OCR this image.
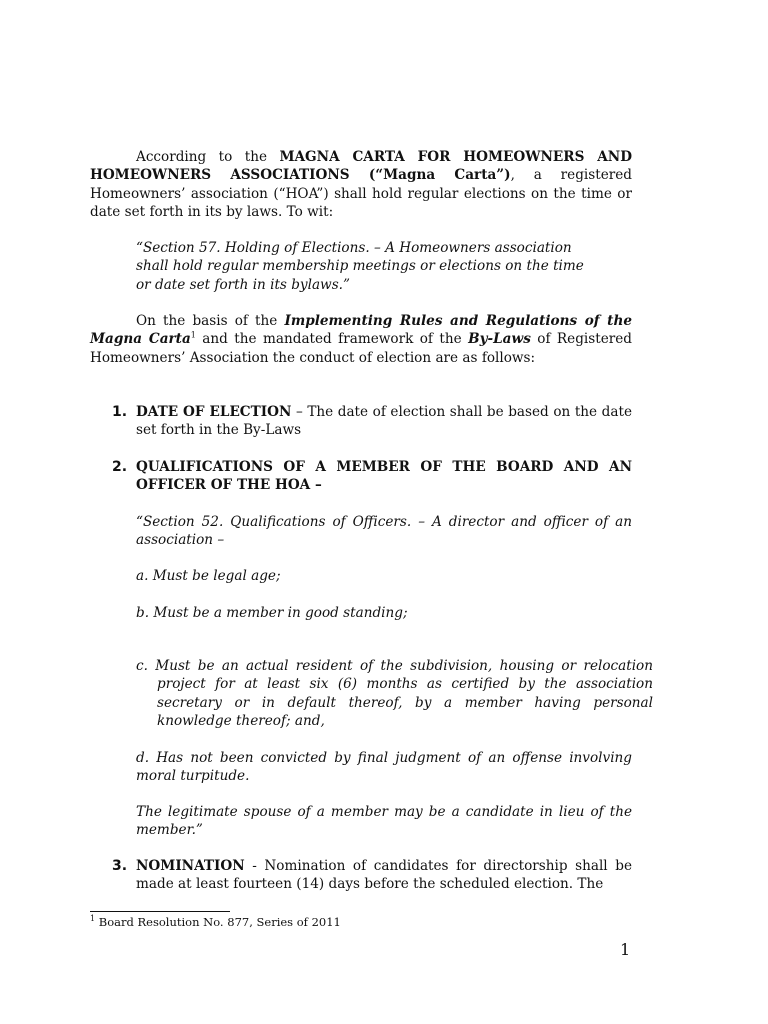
According to the MAGNA CARTA FOR HOMEOWNERS AND HOMEOWNERS ASSOCIATIONS (“Magna Carta”), a registered Homeowners’ association (“HOA”) shall hold regular elections on the time or date set forth in its by laws. To wit:

“Section 57. Holding of Elections. – A Homeowners association shall hold regular membership meetings or elections on the time or date set forth in its bylaws.”

On the basis of the Implementing Rules and Regulations of the Magna Carta$^1$ and the mandated framework of the By-Laws of Registered Homeowners’ Association the conduct of election are as follows:

1. DATE OF ELECTION – The date of election shall be based on the date set forth in the By-Laws
2. QUALIFICATIONS OF A MEMBER OF THE BOARD AND AN OFFICER OF THE HOA –

“Section 52. Qualifications of Officers. – A director and officer of an association –

a. Must be legal age;

b. Must be a member in good standing;

c. Must be an actual resident of the subdivision, housing or relocation project for at least six (6) months as certified by the association secretary or in default thereof, by a member having personal knowledge thereof; and,

d. Has not been convicted by final judgment of an offense involving moral turpitude.

The legitimate spouse of a member may be a candidate in lieu of the member.”

3. NOMINATION - Nomination of candidates for directorship shall be made at least fourteen (14) days before the scheduled election. The
$^1$ Board Resolution No. 877, Series of 2011
1
